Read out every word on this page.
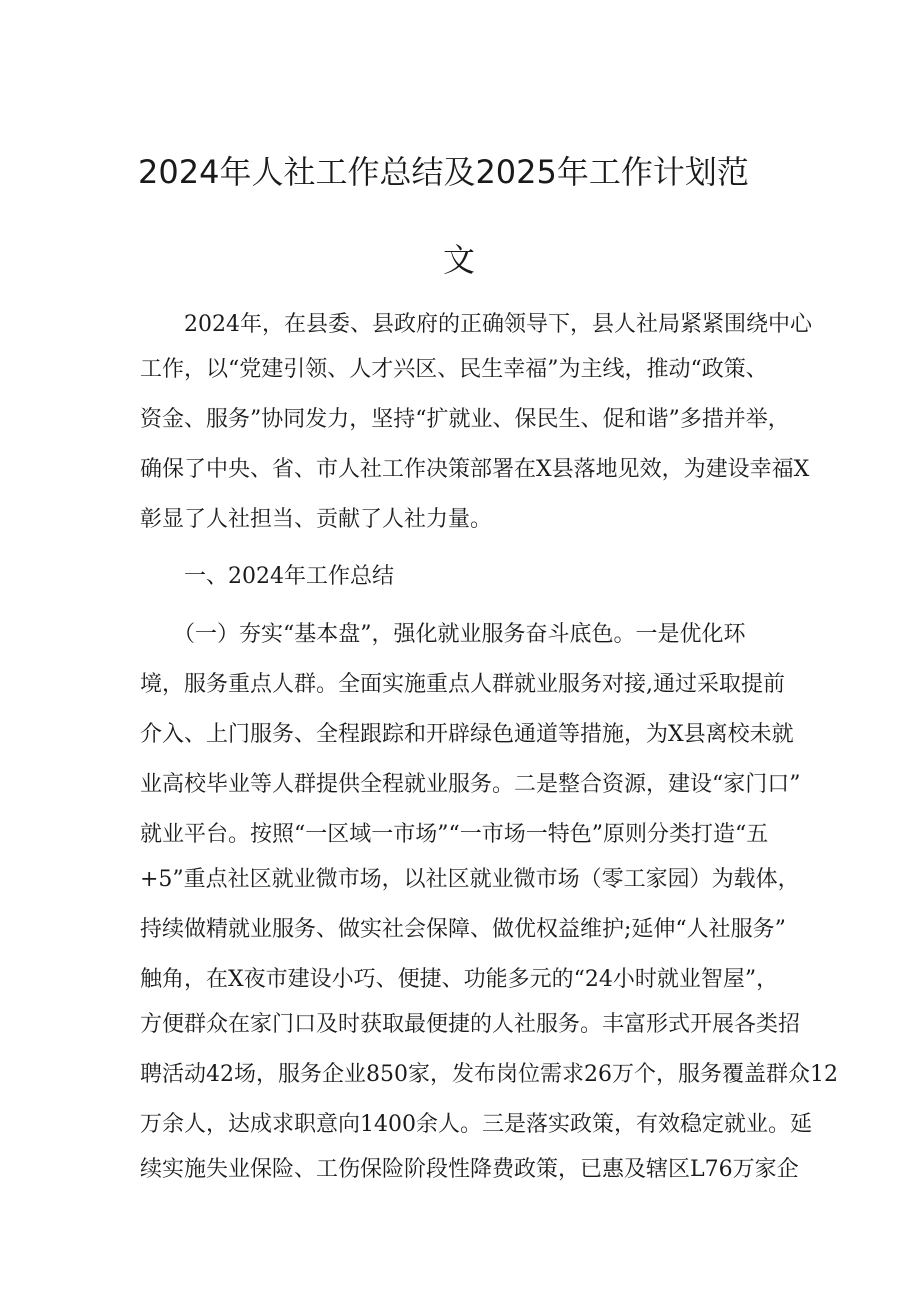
2024年人社工作总结及2025年工作计划范
文
　　2024年，在县委、县政府的正确领导下，县人社局紧紧围绕中心
工作，以“党建引领、人才兴区、民生幸福”为主线，推动“政策、
资金、服务”协同发力，坚持“扩就业、保民生、促和谐”多措并举，
确保了中央、省、市人社工作决策部署在X县落地见效，为建设幸福X
彰显了人社担当、贡献了人社力量。
　　一、2024年工作总结
　　（一）夯实“基本盘”，强化就业服务奋斗底色。一是优化环
境，服务重点人群。全面实施重点人群就业服务对接,通过采取提前
介入、上门服务、全程跟踪和开辟绿色通道等措施，为X县离校未就
业高校毕业等人群提供全程就业服务。二是整合资源，建设“家门口”
就业平台。按照“一区域一市场”“一市场一特色”原则分类打造“五
+5”重点社区就业微市场，以社区就业微市场（零工家园）为载体，
持续做精就业服务、做实社会保障、做优权益维护;延伸“人社服务”
触角，在X夜市建设小巧、便捷、功能多元的“24小时就业智屋”，
方便群众在家门口及时获取最便捷的人社服务。丰富形式开展各类招
聘活动42场，服务企业850家，发布岗位需求26万个，服务覆盖群众12
万余人，达成求职意向1400余人。三是落实政策，有效稳定就业。延
续实施失业保险、工伤保险阶段性降费政策，已惠及辖区L76万家企
